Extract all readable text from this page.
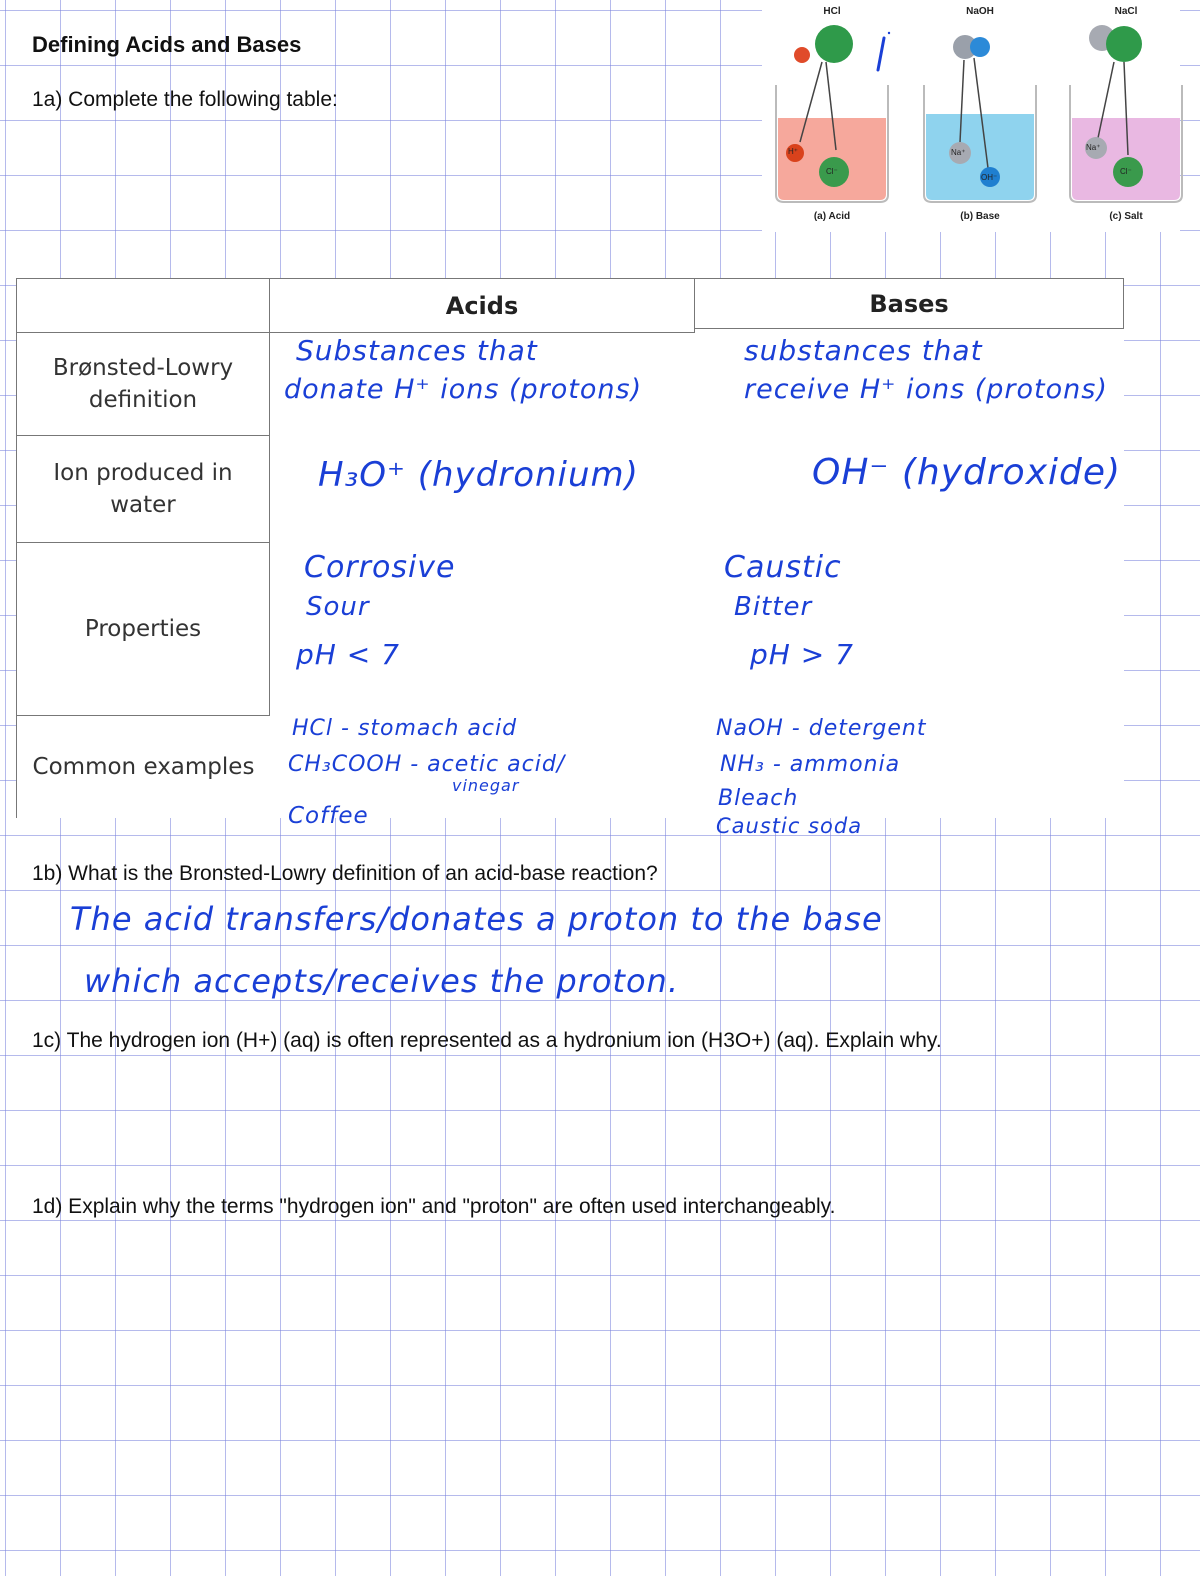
Defining Acids and Bases
1a) Complete the following table:
HCl
H⁺
Cl⁻
(a) Acid
NaOH
Na⁺
OH⁻
(b) Base
NaCl
Na⁺
Cl⁻
(c) Salt
Acids	Bases
Brønsted-Lowry definition
Ion produced in water
Properties
Common examples
Substances that
donate H⁺ ions (protons)
substances that
receive H⁺ ions (protons)
H₃O⁺ (hydronium)	OH⁻ (hydroxide)
Corrosive
Sour
pH < 7
Caustic
Bitter
pH > 7
HCl - stomach acid
CH₃COOH - acetic acid/
vinegar
Coffee
NaOH - detergent
NH₃ - ammonia
Bleach
Caustic soda
1b) What is the Bronsted-Lowry definition of an acid-base reaction?
The acid transfers/donates a proton to the base
which accepts/receives the proton.
1c) The hydrogen ion (H+) (aq) is often represented as a hydronium ion (H3O+) (aq). Explain why.
1d) Explain why the terms "hydrogen ion" and "proton" are often used interchangeably.
